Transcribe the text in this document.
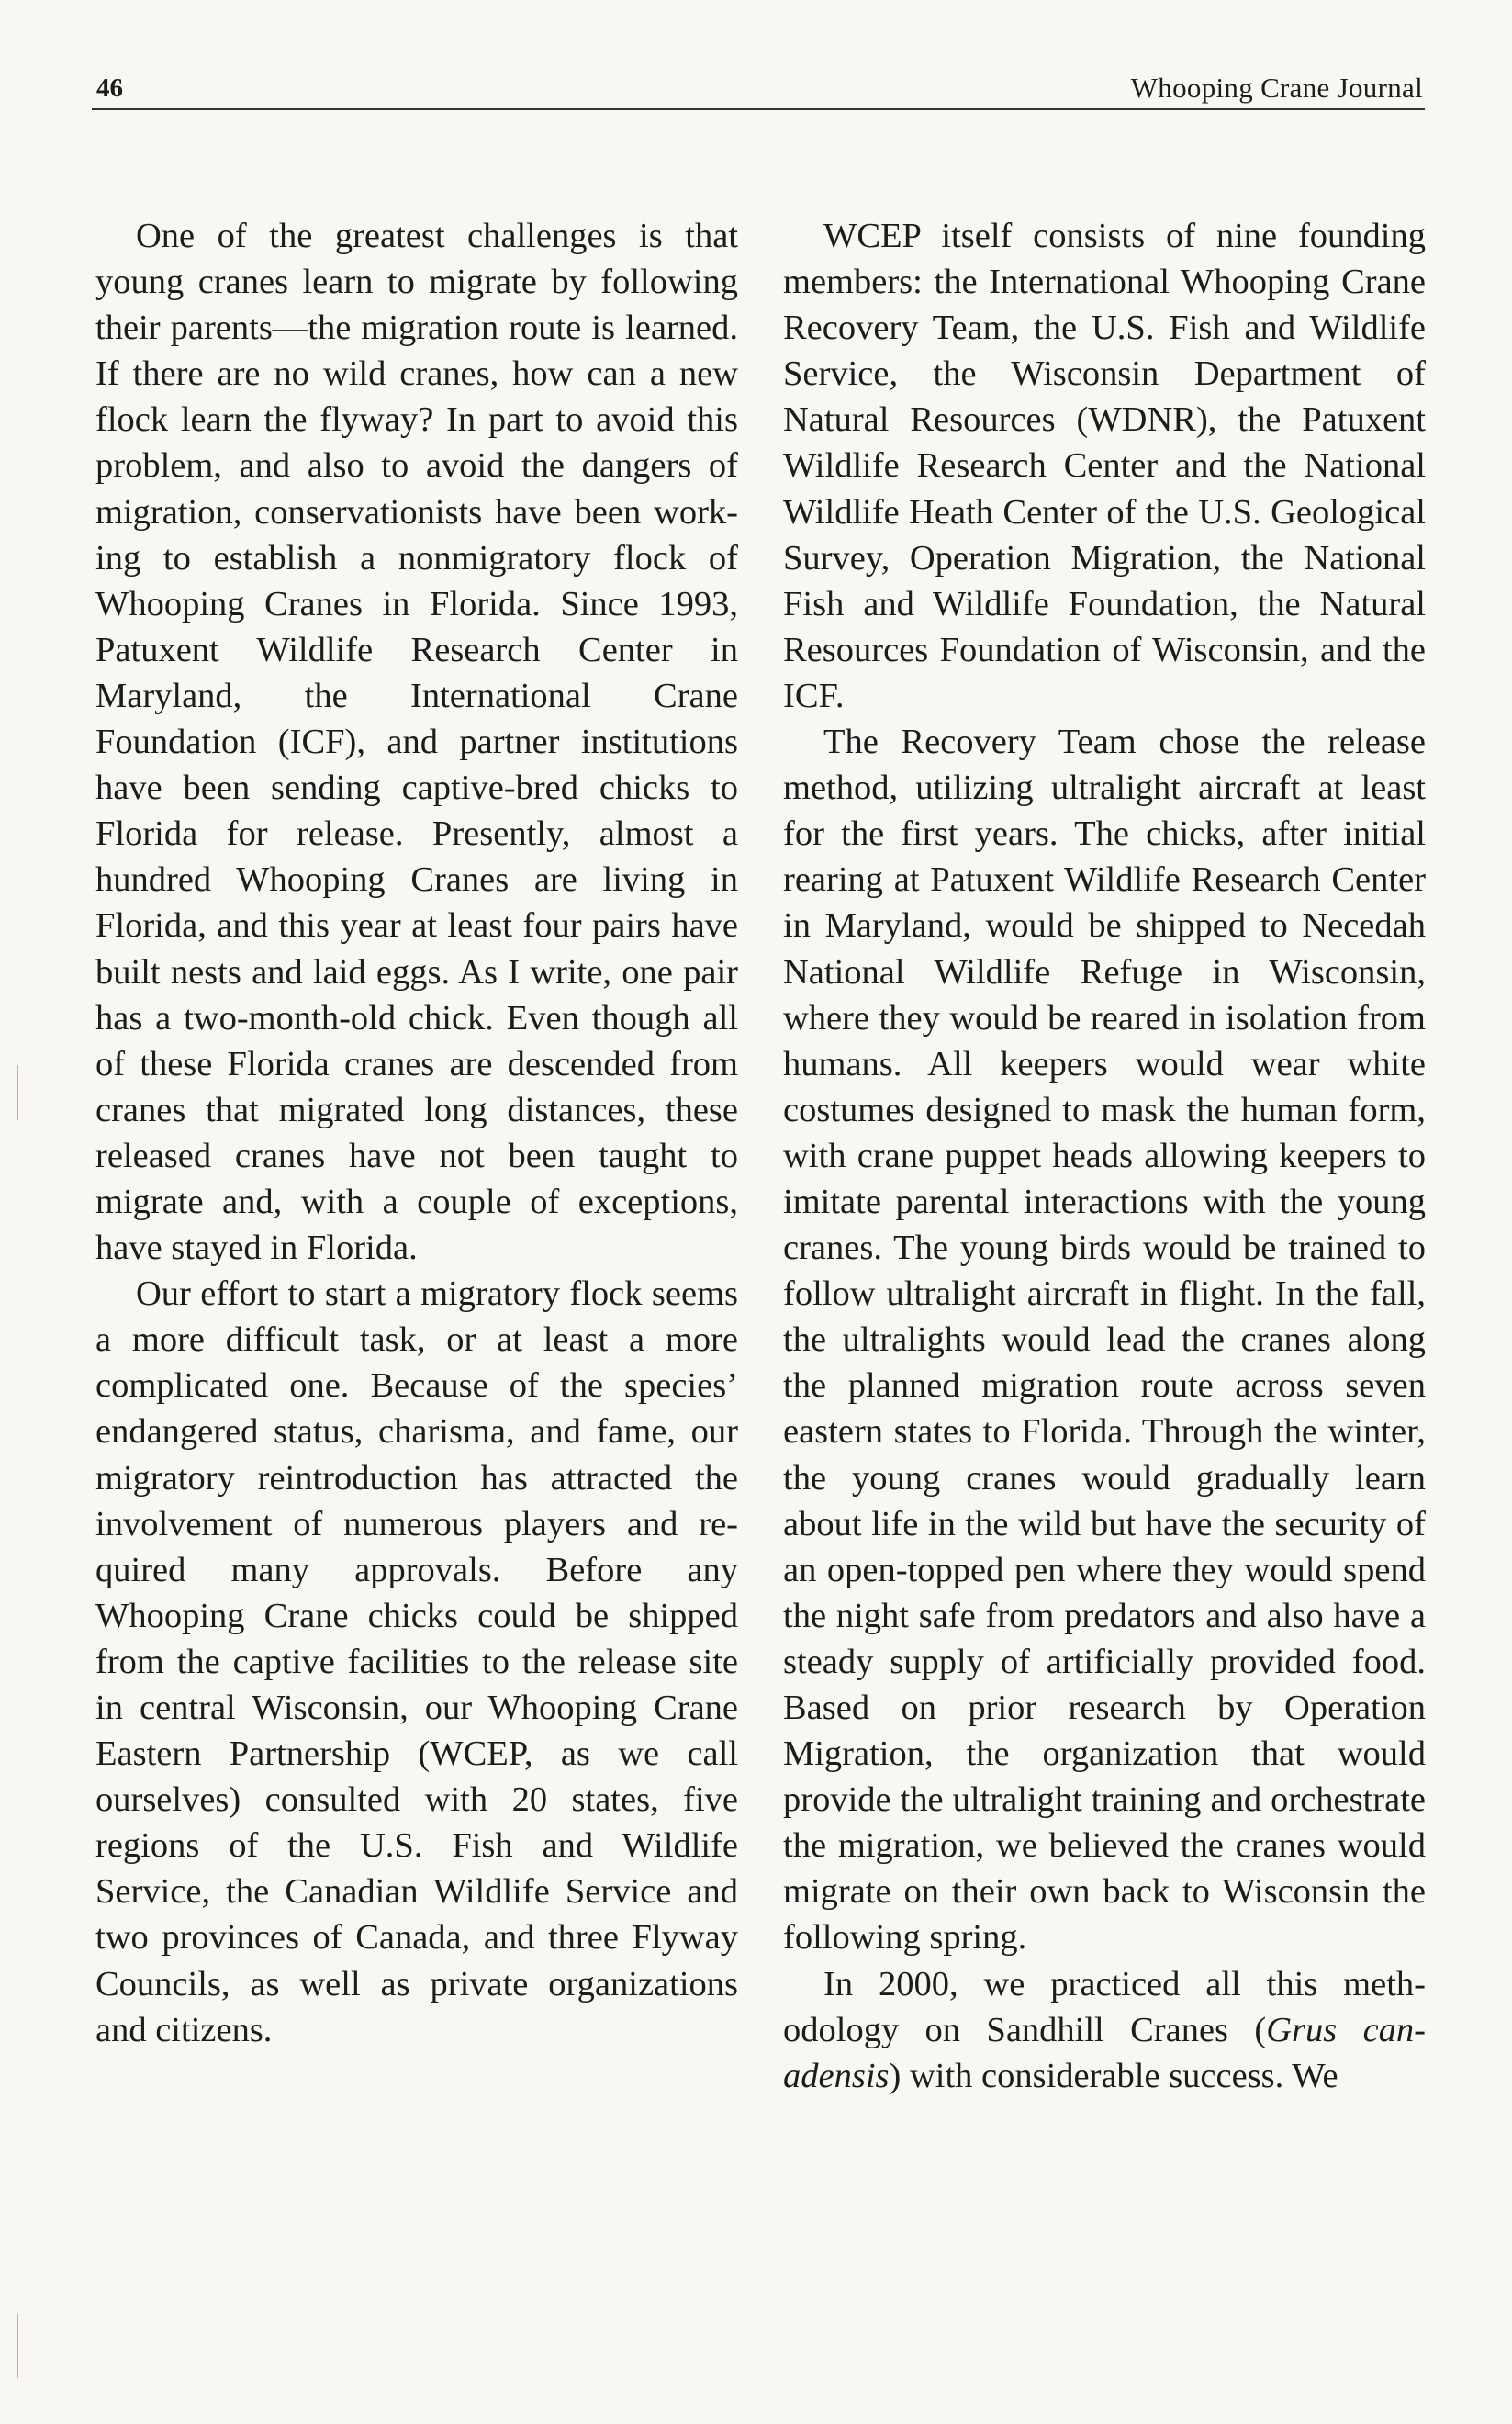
46	Whooping Crane Journal

One of the greatest challenges is that young cranes learn to migrate by following their parents—the migration route is learned. If there are no wild cranes, how can a new flock learn the flyway? In part to avoid this problem, and also to avoid the dangers of migration, conservationists have been working to establish a nonmigratory flock of Whooping Cranes in Florida. Since 1993, Patuxent Wildlife Research Center in Maryland, the International Crane Foundation (ICF), and partner institutions have been sending captive-bred chicks to Florida for release. Presently, almost a hundred Whooping Cranes are living in Florida, and this year at least four pairs have built nests and laid eggs. As I write, one pair has a two-month-old chick. Even though all of these Florida cranes are descended from cranes that migrated long distances, these released cranes have not been taught to migrate and, with a couple of exceptions, have stayed in Florida.

Our effort to start a migratory flock seems a more difficult task, or at least a more complicated one. Because of the species’ endangered status, charisma, and fame, our migratory reintroduction has attracted the involvement of numerous players and required many approvals. Before any Whooping Crane chicks could be shipped from the captive facilities to the release site in central Wisconsin, our Whooping Crane Eastern Partnership (WCEP, as we call ourselves) consulted with 20 states, five regions of the U.S. Fish and Wildlife Service, the Canadian Wildlife Service and two provinces of Canada, and three Flyway Councils, as well as private organizations and citizens.

WCEP itself consists of nine founding members: the International Whooping Crane Recovery Team, the U.S. Fish and Wildlife Service, the Wisconsin Department of Natural Resources (WDNR), the Patuxent Wildlife Research Center and the National Wildlife Heath Center of the U.S. Geological Survey, Operation Migration, the National Fish and Wildlife Foundation, the Natural Resources Foundation of Wisconsin, and the ICF.

The Recovery Team chose the release method, utilizing ultralight aircraft at least for the first years. The chicks, after initial rearing at Patuxent Wildlife Research Center in Maryland, would be shipped to Necedah National Wildlife Refuge in Wisconsin, where they would be reared in isolation from humans. All keepers would wear white costumes designed to mask the human form, with crane puppet heads allowing keepers to imitate parental interactions with the young cranes. The young birds would be trained to follow ultralight aircraft in flight. In the fall, the ultralights would lead the cranes along the planned migration route across seven eastern states to Florida. Through the winter, the young cranes would gradually learn about life in the wild but have the security of an open-topped pen where they would spend the night safe from predators and also have a steady supply of artificially provided food. Based on prior research by Operation Migration, the organization that would provide the ultralight training and orchestrate the migration, we believed the cranes would migrate on their own back to Wisconsin the following spring.

In 2000, we practiced all this methodology on Sandhill Cranes (Grus canadensis) with considerable success. We
